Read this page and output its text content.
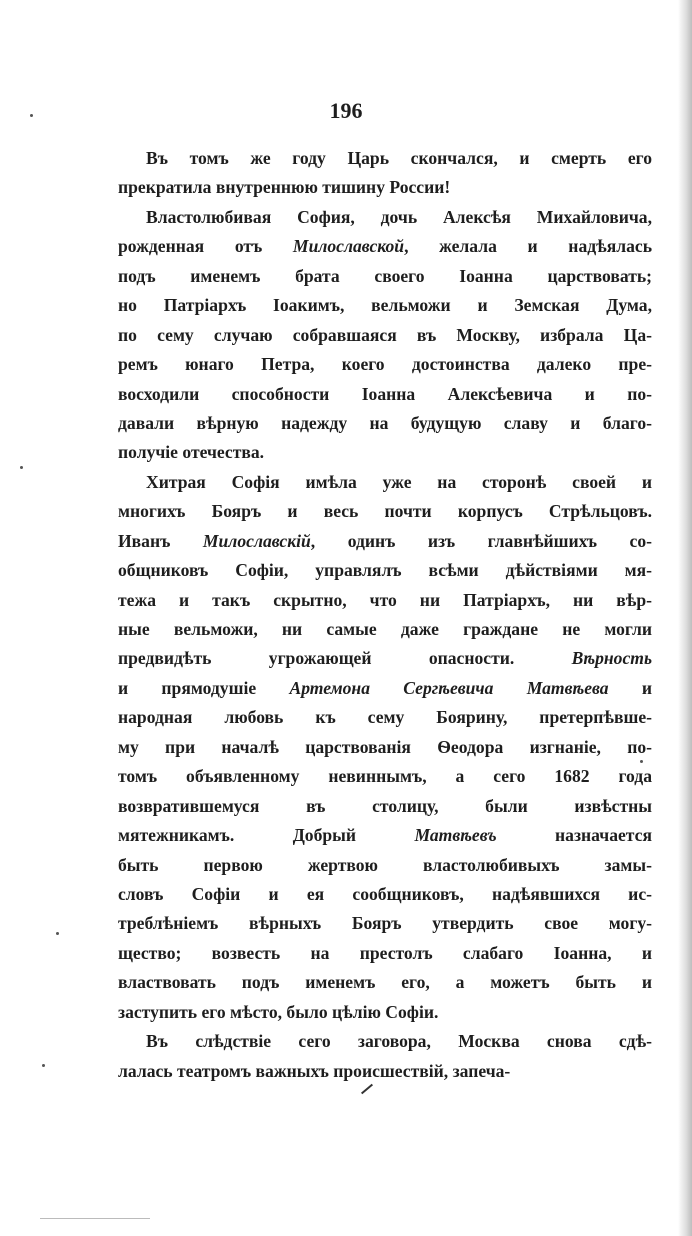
196
Въ томъ же году Царь скончался, и смерть его
прекратила внутреннюю тишину России!
Властолюбивая София, дочь Алексѣя Михайловича,
рожденная отъ Милославской, желала и надѣялась
подъ именемъ брата своего Іоанна царствовать;
но Патріархъ Іоакимъ, вельможи и Земская Дума,
по сему случаю собравшаяся въ Москву, избрала Ца-
ремъ юнаго Петра, коего достоинства далеко пре-
восходили способности Іоанна Алексѣевича и по-
давали вѣрную надежду на будущую славу и благо-
получіе отечества.
Хитрая Софія имѣла уже на сторонѣ своей и
многихъ Бояръ и весь почти корпусъ Стрѣльцовъ.
Иванъ Милославскій, одинъ изъ главнѣйшихъ со-
общниковъ Софіи, управлялъ всѣми дѣйствіями мя-
тежа и такъ скрытно, что ни Патріархъ, ни вѣр-
ные вельможи, ни самые даже граждане не могли
предвидѣть угрожающей опасности. Вѣрность
и прямодушіе Артемона Сергѣевича Матвѣева и
народная любовь къ сему Боярину, претерпѣвше-
му при началѣ царствованія Ѳеодора изгнаніе, по-
томъ объявленному невиннымъ, а сего 1682 года
возвратившемуся въ столицу, были извѣстны
мятежникамъ. Добрый Матвѣевъ назначается
быть первою жертвою властолюбивыхъ замы-
словъ Софіи и ея сообщниковъ, надѣявшихся ис-
треблѣніемъ вѣрныхъ Бояръ утвердить свое могу-
щество; возвесть на престолъ слабаго Іоанна, и
властвовать подъ именемъ его, а можетъ быть и
заступить его мѣсто, было цѣлію Софіи.
Въ слѣдствіе сего заговора, Москва снова сдѣ-
лалась театромъ важныхъ происшествій, запеча-
